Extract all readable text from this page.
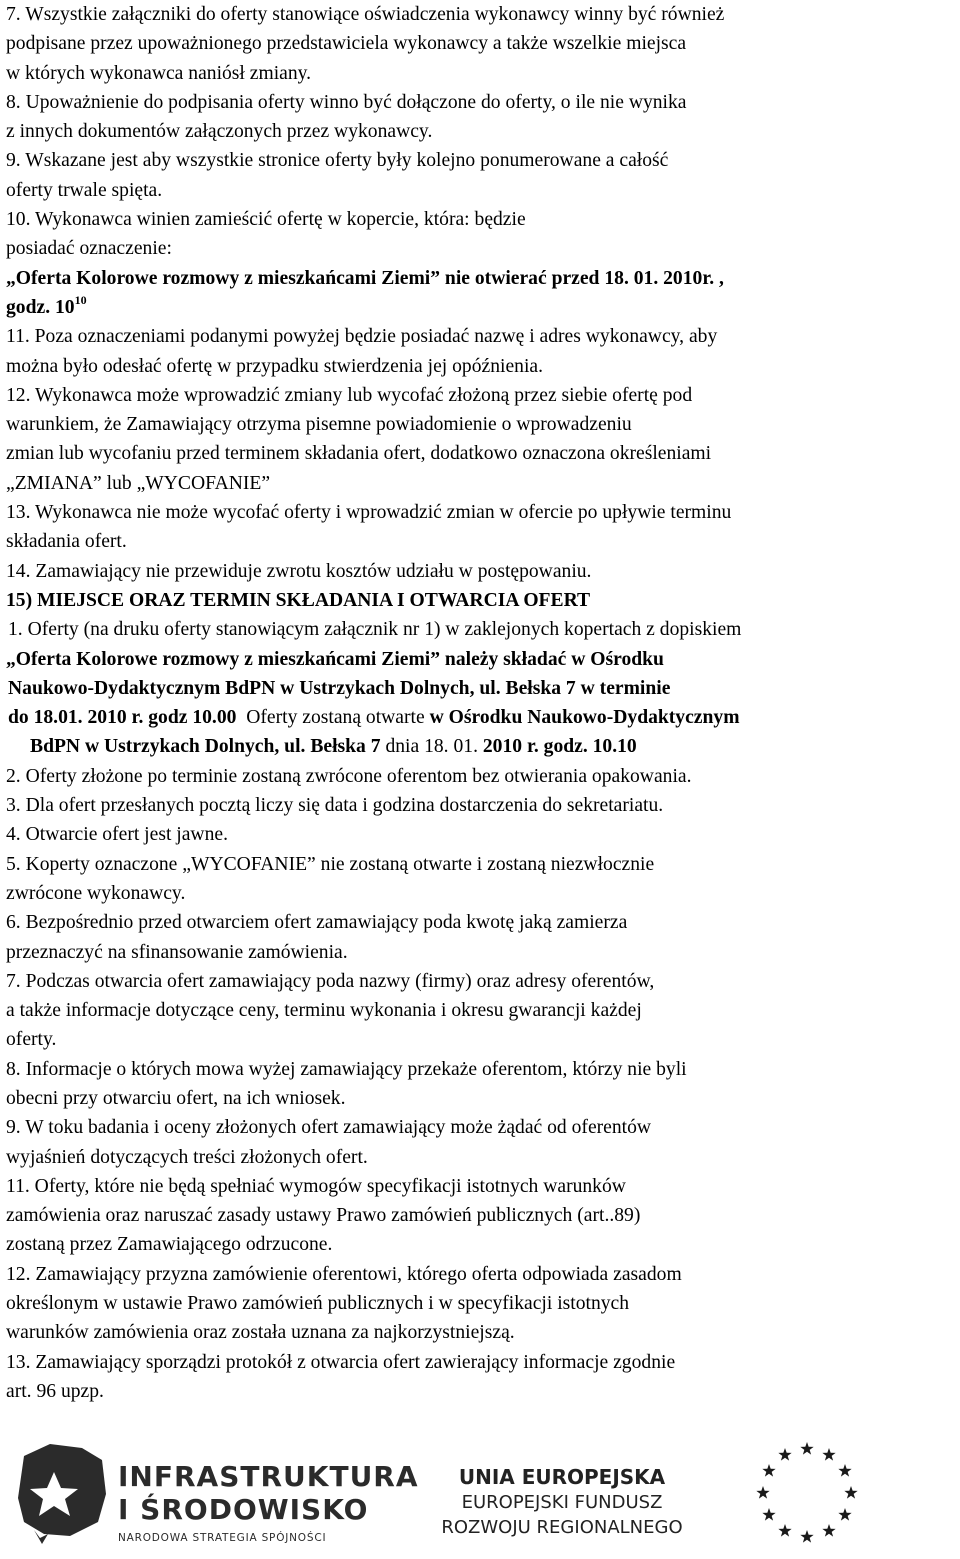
7. Wszystkie załączniki do oferty stanowiące oświadczenia wykonawcy winny być również
podpisane przez upoważnionego przedstawiciela wykonawcy a także wszelkie miejsca
w których wykonawca naniósł zmiany.
8. Upoważnienie do podpisania oferty winno być dołączone do oferty, o ile nie wynika
z innych dokumentów załączonych przez wykonawcy.
9. Wskazane jest aby wszystkie stronice oferty były kolejno ponumerowane a całość
oferty trwale spięta.
10. Wykonawca winien zamieścić ofertę w kopercie, która: będzie
posiadać oznaczenie:
„Oferta Kolorowe rozmowy z mieszkańcami Ziemi” nie otwierać przed 18. 01. 2010r. ,
godz. $10^{10}$
11. Poza oznaczeniami podanymi powyżej będzie posiadać nazwę i adres wykonawcy, aby
można było odesłać ofertę w przypadku stwierdzenia jej opóźnienia.
12. Wykonawca może wprowadzić zmiany lub wycofać złożoną przez siebie ofertę pod
warunkiem, że Zamawiający otrzyma pisemne powiadomienie o wprowadzeniu
zmian lub wycofaniu przed terminem składania ofert, dodatkowo oznaczona określeniami
„ZMIANA” lub „WYCOFANIE”
13. Wykonawca nie może wycofać oferty i wprowadzić zmian w ofercie po upływie terminu
składania ofert.
14. Zamawiający nie przewiduje zwrotu kosztów udziału w postępowaniu.
15) MIEJSCE ORAZ TERMIN SKŁADANIA I OTWARCIA OFERT
1. Oferty (na druku oferty stanowiącym załącznik nr 1) w zaklejonych kopertach z dopiskiem
„Oferta Kolorowe rozmowy z mieszkańcami Ziemi” należy składać w Ośrodku
Naukowo-Dydaktycznym BdPN w Ustrzykach Dolnych, ul. Bełska 7 w terminie
do 18.01. 2010 r. godz 10.00 Oferty zostaną otwarte w Ośrodku Naukowo-Dydaktycznym
BdPN w Ustrzykach Dolnych, ul. Bełska 7 dnia 18. 01. 2010 r. godz. 10.10
2. Oferty złożone po terminie zostaną zwrócone oferentom bez otwierania opakowania.
3. Dla ofert przesłanych pocztą liczy się data i godzina dostarczenia do sekretariatu.
4. Otwarcie ofert jest jawne.
5. Koperty oznaczone „WYCOFANIE” nie zostaną otwarte i zostaną niezwłocznie
zwrócone wykonawcy.
6. Bezpośrednio przed otwarciem ofert zamawiający poda kwotę jaką zamierza
przeznaczyć na sfinansowanie zamówienia.
7. Podczas otwarcia ofert zamawiający poda nazwy (firmy) oraz adresy oferentów,
a także informacje dotyczące ceny, terminu wykonania i okresu gwarancji każdej
oferty.
8. Informacje o których mowa wyżej zamawiający przekaże oferentom, którzy nie byli
obecni przy otwarciu ofert, na ich wniosek.
9. W toku badania i oceny złożonych ofert zamawiający może żądać od oferentów
wyjaśnień dotyczących treści złożonych ofert.
11. Oferty, które nie będą spełniać wymogów specyfikacji istotnych warunków
zamówienia oraz naruszać zasady ustawy Prawo zamówień publicznych (art..89)
zostaną przez Zamawiającego odrzucone.
12. Zamawiający przyzna zamówienie oferentowi, którego oferta odpowiada zasadom
określonym w ustawie Prawo zamówień publicznych i w specyfikacji istotnych
warunków zamówienia oraz została uznana za najkorzystniejszą.
13. Zamawiający sporządzi protokół z otwarcia ofert zawierający informacje zgodnie
art. 96 upzp.
INFRASTRUKTURA
I ŚRODOWISKO
NARODOWA STRATEGIA SPÓJNOŚCI
UNIA EUROPEJSKA
EUROPEJSKI FUNDUSZ
ROZWOJU REGIONALNEGO
